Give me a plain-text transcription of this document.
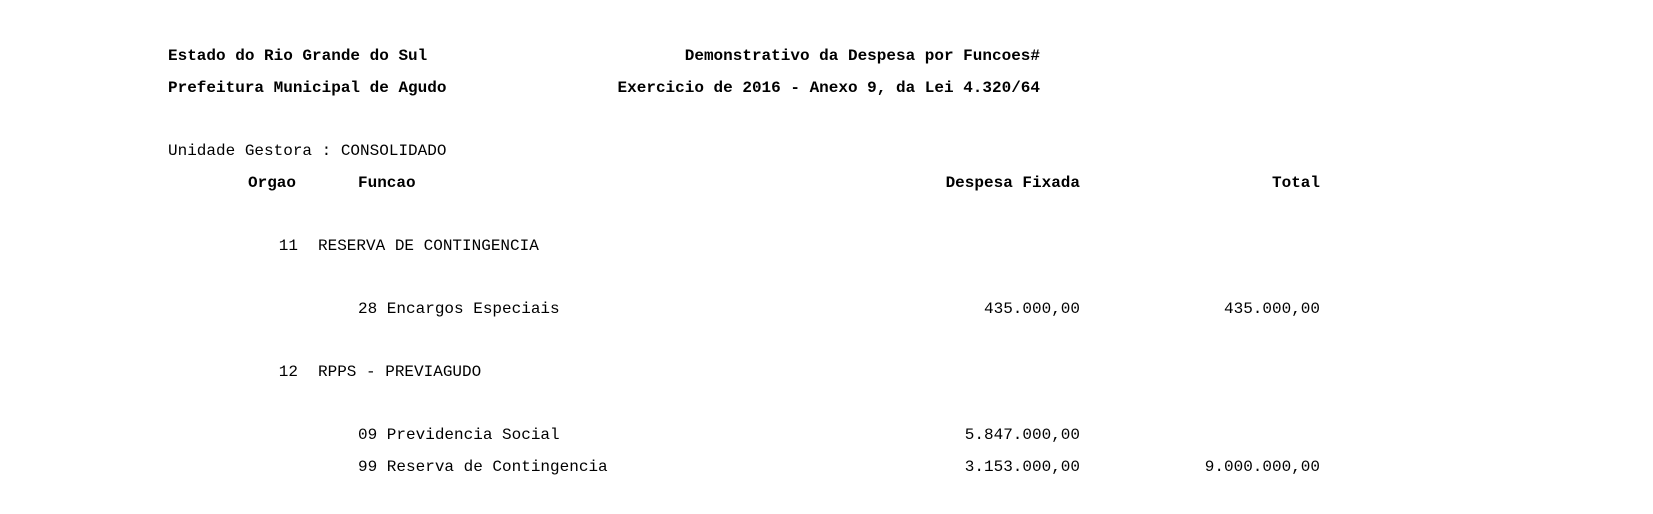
Estado do Rio Grande do Sul	Demonstrativo da Despesa por Funcoes#
Prefeitura Municipal de Agudo	Exercicio de 2016 - Anexo 9, da Lei 4.320/64
Unidade Gestora : CONSOLIDADO
Orgao	Funcao	Despesa Fixada	Total
11 RESERVA DE CONTINGENCIA
28 Encargos Especiais	435.000,00	435.000,00
12 RPPS - PREVIAGUDO
09 Previdencia Social	5.847.000,00
99 Reserva de Contingencia	3.153.000,00	9.000.000,00
